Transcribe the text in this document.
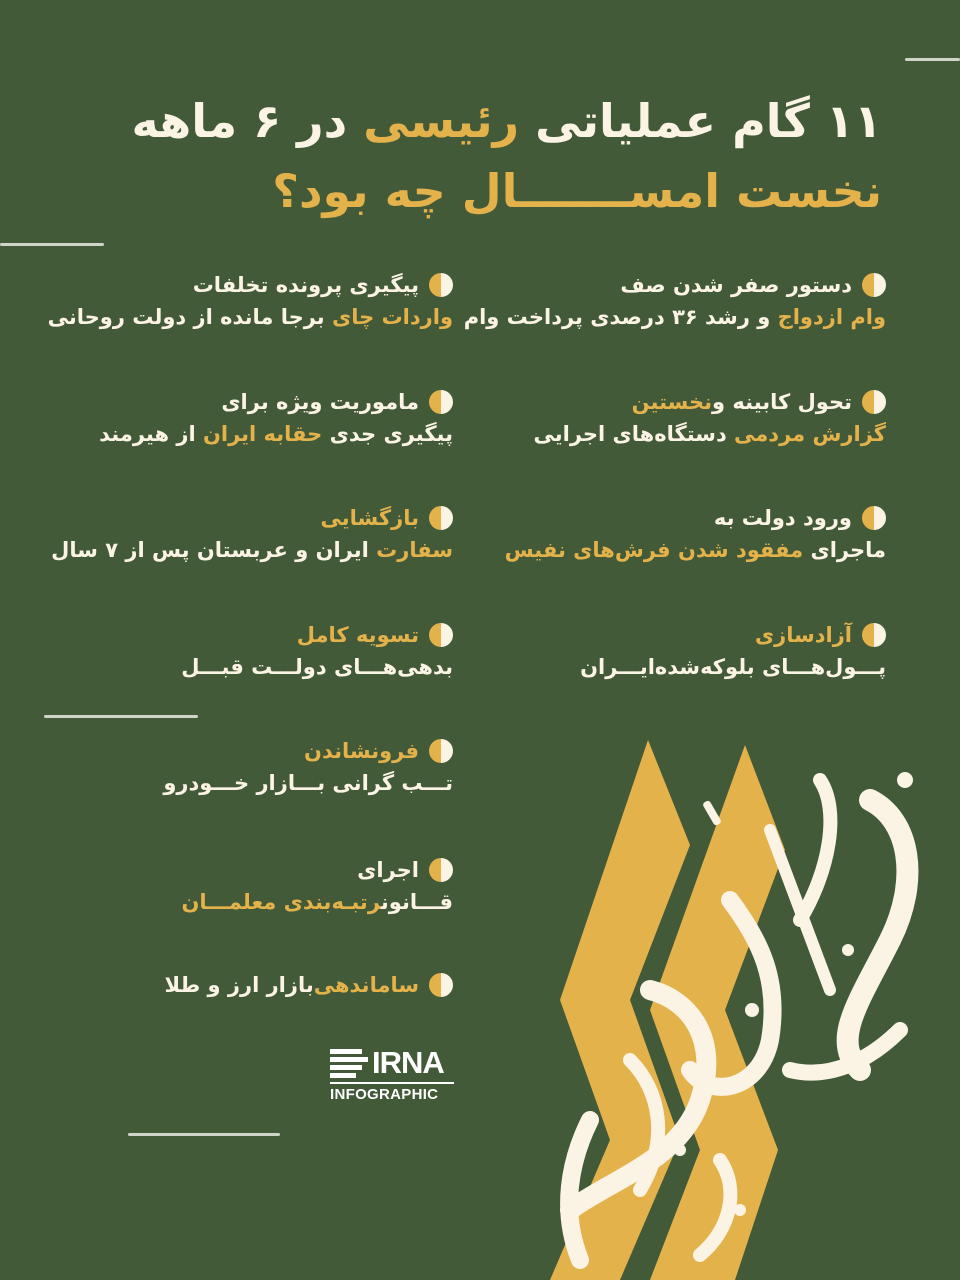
۱۱ گام عملیاتی رئیسی در ۶ ماهه
نخست امســـــــال چه بود؟
دستور صفر شدن صف
وام ازدواج و رشد ۳۶ درصدی پرداخت وام
تحول کابینه و
نخستین
گزارش مردمی دستگاه‌های اجرایی
ورود دولت به
ماجرای مفقود شدن فرش‌های نفیس
آزادسازی
پـــول‌هـــای بلوکه‌شده‌ایـــران
پیگیری پرونده تخلفات
واردات چای برجا مانده از دولت روحانی
ماموریت ویژه برای
پیگیری جدی حقابه ایران از هیرمند
بازگشایی
سفارت ایران و عربستان پس از ۷ سال
تسویه کامل
بدهی‌هـــای دولـــت قبـــل
فرونشاندن
تـــب گرانی بـــازار خـــودرو
اجرای
قـــانونرتبـه‌بندی معلمـــان
ساماندهی
بازار ارز و طلا
IRNA
INFOGRAPHIC
